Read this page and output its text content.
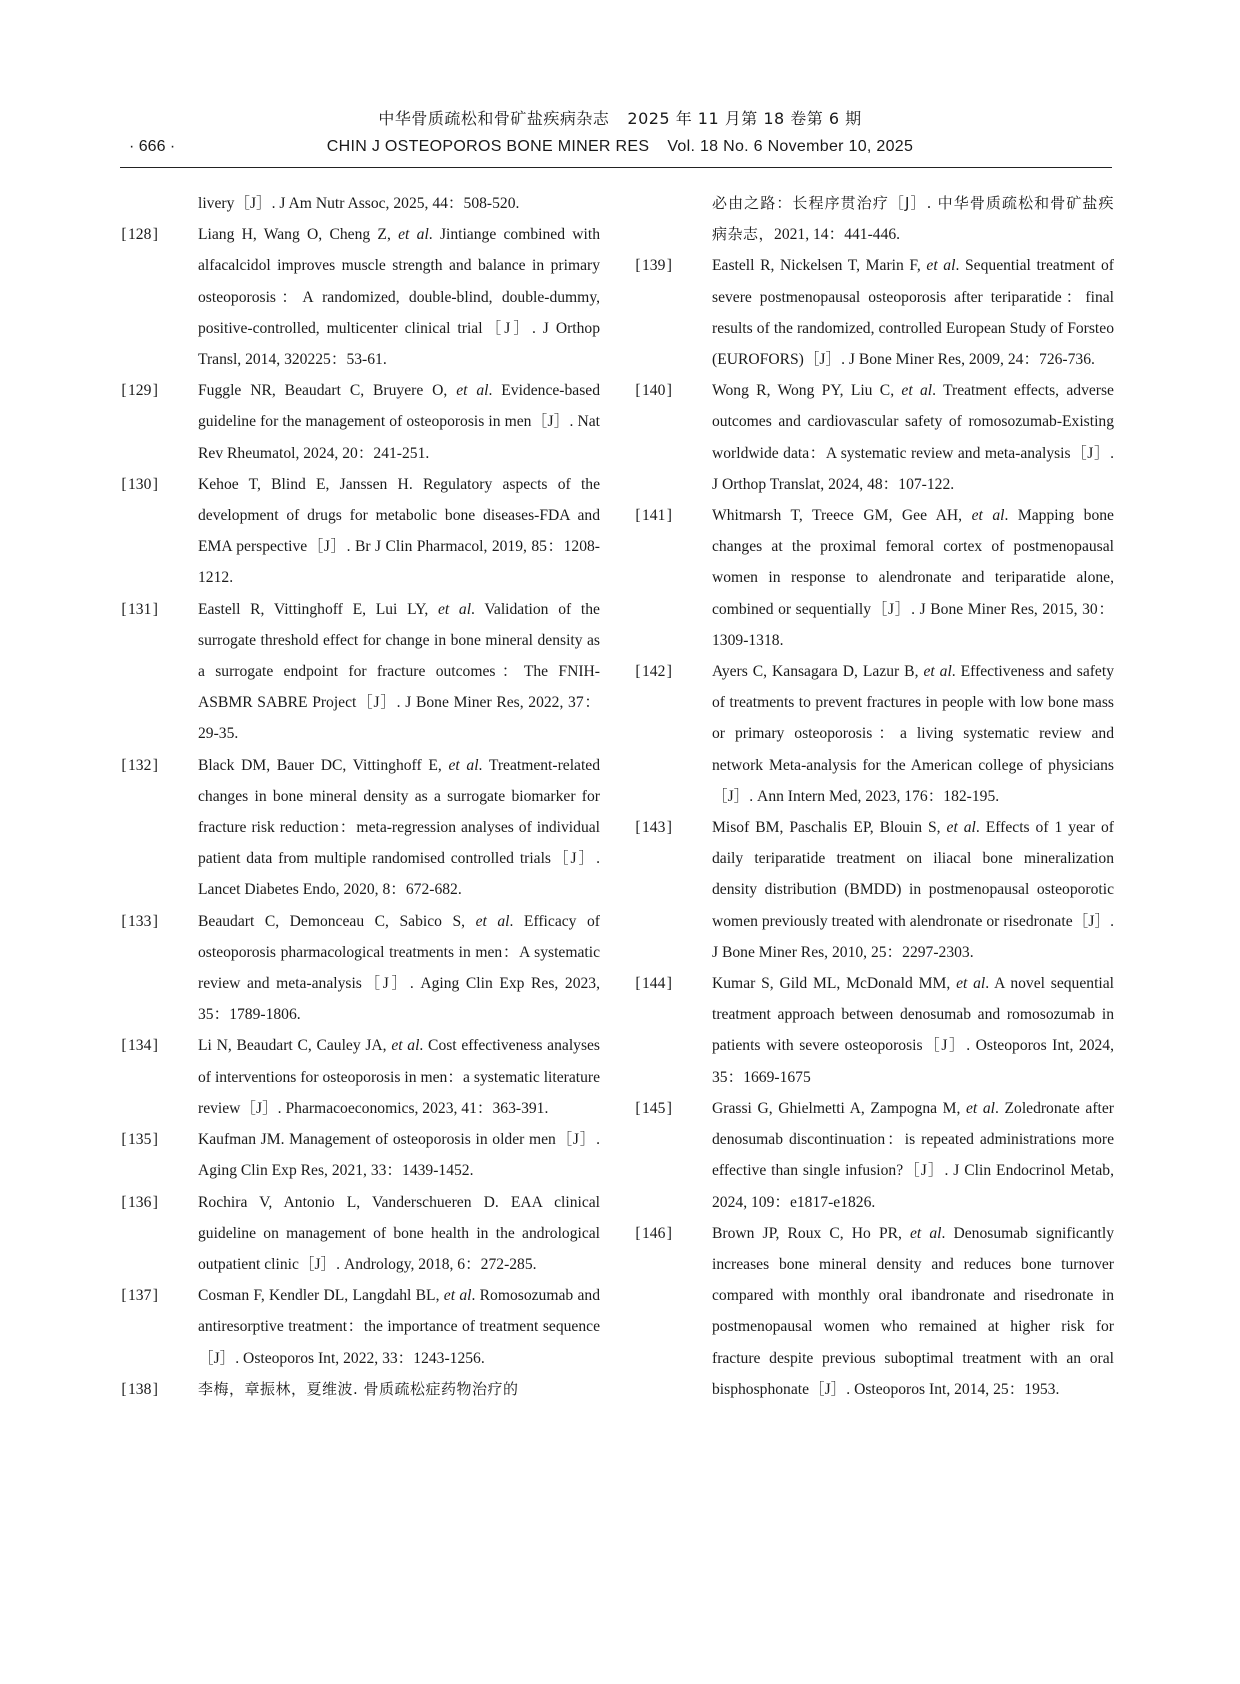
中华骨质疏松和骨矿盐疾病杂志 2025 年 11 月第 18 卷第 6 期
· 666 ·	CHIN J OSTEOPOROS BONE MINER RES Vol. 18 No. 6 November 10, 2025
livery［J］. J Am Nutr Assoc, 2025, 44：508-520.
[128]	Liang H, Wang O, Cheng Z, et al. Jintiange combined with alfacalcidol improves muscle strength and balance in primary osteoporosis：A randomized, double-blind, double-dummy, positive-controlled, multicenter clinical trial［J］. J Orthop Transl, 2014, 320225：53-61.
[129]	Fuggle NR, Beaudart C, Bruyere O, et al. Evidence-based guideline for the management of osteoporosis in men［J］. Nat Rev Rheumatol, 2024, 20：241-251.
[130]	Kehoe T, Blind E, Janssen H. Regulatory aspects of the development of drugs for metabolic bone diseases-FDA and EMA perspective［J］. Br J Clin Pharmacol, 2019, 85：1208-1212.
[131]	Eastell R, Vittinghoff E, Lui LY, et al. Validation of the surrogate threshold effect for change in bone mineral density as a surrogate endpoint for fracture outcomes：The FNIH-ASBMR SABRE Project［J］. J Bone Miner Res, 2022, 37：29-35.
[132]	Black DM, Bauer DC, Vittinghoff E, et al. Treatment-related changes in bone mineral density as a surrogate biomarker for fracture risk reduction：meta-regression analyses of individual patient data from multiple randomised controlled trials［J］. Lancet Diabetes Endo, 2020, 8：672-682.
[133]	Beaudart C, Demonceau C, Sabico S, et al. Efficacy of osteoporosis pharmacological treatments in men：A systematic review and meta-analysis［J］. Aging Clin Exp Res, 2023, 35：1789-1806.
[134]	Li N, Beaudart C, Cauley JA, et al. Cost effectiveness analyses of interventions for osteoporosis in men：a systematic literature review［J］. Pharmacoeconomics, 2023, 41：363-391.
[135]	Kaufman JM. Management of osteoporosis in older men［J］. Aging Clin Exp Res, 2021, 33：1439-1452.
[136]	Rochira V, Antonio L, Vanderschueren D. EAA clinical guideline on management of bone health in the andrological outpatient clinic［J］. Andrology, 2018, 6：272-285.
[137]	Cosman F, Kendler DL, Langdahl BL, et al. Romosozumab and antiresorptive treatment：the importance of treatment sequence［J］. Osteoporos Int, 2022, 33：1243-1256.
[138]	李梅，章振林，夏维波. 骨质疏松症药物治疗的
必由之路：长程序贯治疗［J］. 中华骨质疏松和骨矿盐疾病杂志，2021, 14：441-446.
[139]	Eastell R, Nickelsen T, Marin F, et al. Sequential treatment of severe postmenopausal osteoporosis after teriparatide：final results of the randomized, controlled European Study of Forsteo (EUROFORS)［J］. J Bone Miner Res, 2009, 24：726-736.
[140]	Wong R, Wong PY, Liu C, et al. Treatment effects, adverse outcomes and cardiovascular safety of romosozumab-Existing worldwide data：A systematic review and meta-analysis［J］. J Orthop Translat, 2024, 48：107-122.
[141]	Whitmarsh T, Treece GM, Gee AH, et al. Mapping bone changes at the proximal femoral cortex of postmenopausal women in response to alendronate and teriparatide alone, combined or sequentially［J］. J Bone Miner Res, 2015, 30：1309-1318.
[142]	Ayers C, Kansagara D, Lazur B, et al. Effectiveness and safety of treatments to prevent fractures in people with low bone mass or primary osteoporosis：a living systematic review and network Meta-analysis for the American college of physicians［J］. Ann Intern Med, 2023, 176：182-195.
[143]	Misof BM, Paschalis EP, Blouin S, et al. Effects of 1 year of daily teriparatide treatment on iliacal bone mineralization density distribution (BMDD) in postmenopausal osteoporotic women previously treated with alendronate or risedronate［J］. J Bone Miner Res, 2010, 25：2297-2303.
[144]	Kumar S, Gild ML, McDonald MM, et al. A novel sequential treatment approach between denosumab and romosozumab in patients with severe osteoporosis［J］. Osteoporos Int, 2024, 35：1669-1675
[145]	Grassi G, Ghielmetti A, Zampogna M, et al. Zoledronate after denosumab discontinuation：is repeated administrations more effective than single infusion?［J］. J Clin Endocrinol Metab, 2024, 109：e1817-e1826.
[146]	Brown JP, Roux C, Ho PR, et al. Denosumab significantly increases bone mineral density and reduces bone turnover compared with monthly oral ibandronate and risedronate in postmenopausal women who remained at higher risk for fracture despite previous suboptimal treatment with an oral bisphosphonate［J］. Osteoporos Int, 2014, 25：1953.
